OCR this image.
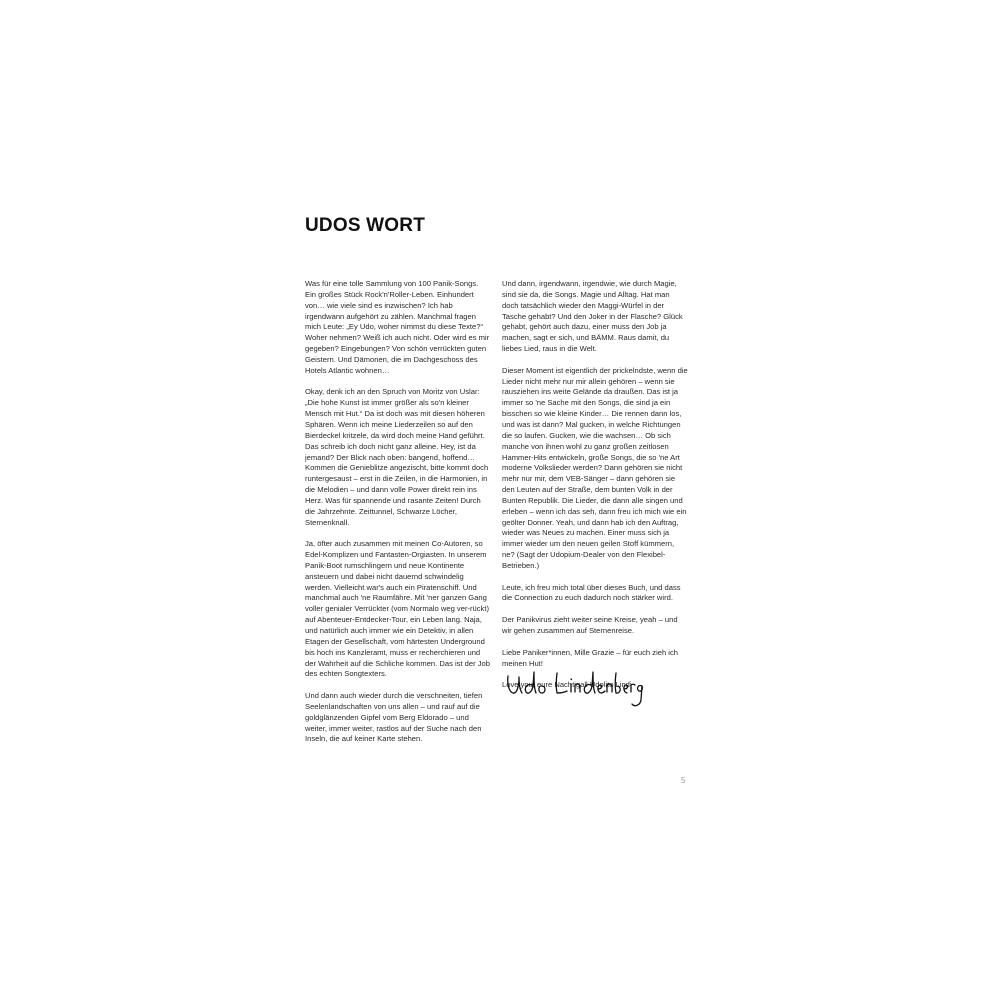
UDOS WORT

Was für eine tolle Sammlung von 100 Panik-Songs. Ein großes Stück Rock'n'Roller-Leben. Einhundert von… wie viele sind es inzwischen? Ich hab irgendwann aufgehört zu zählen. Manchmal fragen mich Leute: „Ey Udo, woher nimmst du diese Texte?“ Woher nehmen? Weiß ich auch nicht. Oder wird es mir gegeben? Eingebungen? Von schön verrückten guten Geistern. Und Dämonen, die im Dachgeschoss des Hotels Atlantic wohnen…

Okay, denk ich an den Spruch von Moritz von Uslar: „Die hohe Kunst ist immer größer als so'n kleiner Mensch mit Hut.“ Da ist doch was mit diesen höheren Sphären. Wenn ich meine Liederzeilen so auf den Bierdeckel kritzele, da wird doch meine Hand geführt. Das schreib ich doch nicht ganz alleine. Hey, ist da jemand? Der Blick nach oben: bangend, hoffend… Kommen die Genieblitze angezischt, bitte kommt doch runtergesaust – erst in die Zeilen, in die Harmonien, in die Melodien – und dann volle Power direkt rein ins Herz. Was für spannende und rasante Zeiten! Durch die Jahrzehnte. Zeittunnel, Schwarze Löcher, Sternenknall.

Ja, öfter auch zusammen mit meinen Co-Autoren, so Edel-Komplizen und Fantasten-Orgiasten. In unserem Panik-Boot rumschlingern und neue Kontinente ansteuern und dabei nicht dauernd schwindelig werden. Vielleicht war's auch ein Piratenschiff. Und manchmal auch 'ne Raumfähre. Mit 'ner ganzen Gang voller genialer Verrückter (vom Normalo weg ver-rückt) auf Abenteuer-Entdecker-Tour, ein Leben lang. Naja, und natürlich auch immer wie ein Detektiv, in allen Etagen der Gesellschaft, vom härtesten Underground bis hoch ins Kanzleramt, muss er recherchieren und der Wahrheit auf die Schliche kommen. Das ist der Job des echten Songtexters.

Und dann auch wieder durch die verschneiten, tiefen Seelenlandschaften von uns allen – und rauf auf die goldglänzenden Gipfel vom Berg Eldorado – und weiter, immer weiter, rastlos auf der Suche nach den Inseln, die auf keiner Karte stehen.

Und dann, irgendwann, irgendwie, wie durch Magie, sind sie da, die Songs. Magie und Alltag. Hat man doch tatsächlich wieder den Maggi-Würfel in der Tasche gehabt? Und den Joker in der Flasche? Glück gehabt, gehört auch dazu, einer muss den Job ja machen, sagt er sich, und BÄMM. Raus damit, du liebes Lied, raus in die Welt.

Dieser Moment ist eigentlich der prickelndste, wenn die Lieder nicht mehr nur mir allein gehören – wenn sie rausziehen ins weite Gelände da draußen. Das ist ja immer so 'ne Sache mit den Songs, die sind ja ein bisschen so wie kleine Kinder… Die rennen dann los, und was ist dann? Mal gucken, in welche Richtungen die so laufen. Gucken, wie die wachsen… Ob sich manche von ihnen wohl zu ganz großen zeitlosen Hammer-Hits entwickeln, große Songs, die so 'ne Art moderne Volkslieder werden? Dann gehören sie nicht mehr nur mir, dem VEB-Sänger – dann gehören sie den Leuten auf der Straße, dem bunten Volk in der Bunten Republik. Die Lieder, die dann alle singen und erleben – wenn ich das seh, dann freu ich mich wie ein geölter Donner. Yeah, und dann hab ich den Auftrag, wieder was Neues zu machen. Einer muss sich ja immer wieder um den neuen geilen Stoff kümmern, ne? (Sagt der Udopium-Dealer von den Flexibel-Betrieben.)

Leute, ich freu mich total über dieses Buch, und dass die Connection zu euch dadurch noch stärker wird.

Der Panikvirus zieht weiter seine Kreise, yeah – und wir gehen zusammen auf Sternenreise.

Liebe Paniker*innen, Mille Grazie – für euch zieh ich meinen Hut!

Love you, eure Nachtigall Udolito Lindi

5
